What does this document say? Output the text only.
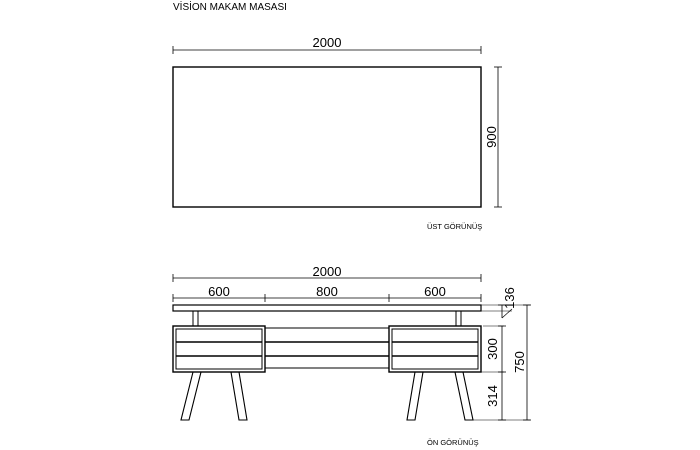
VİSİON MAKAM MASASI
2000
900
ÜST GÖRÜNÜŞ
2000
600	800	600	136
300
314
750
ÖN GÖRÜNÜŞ
